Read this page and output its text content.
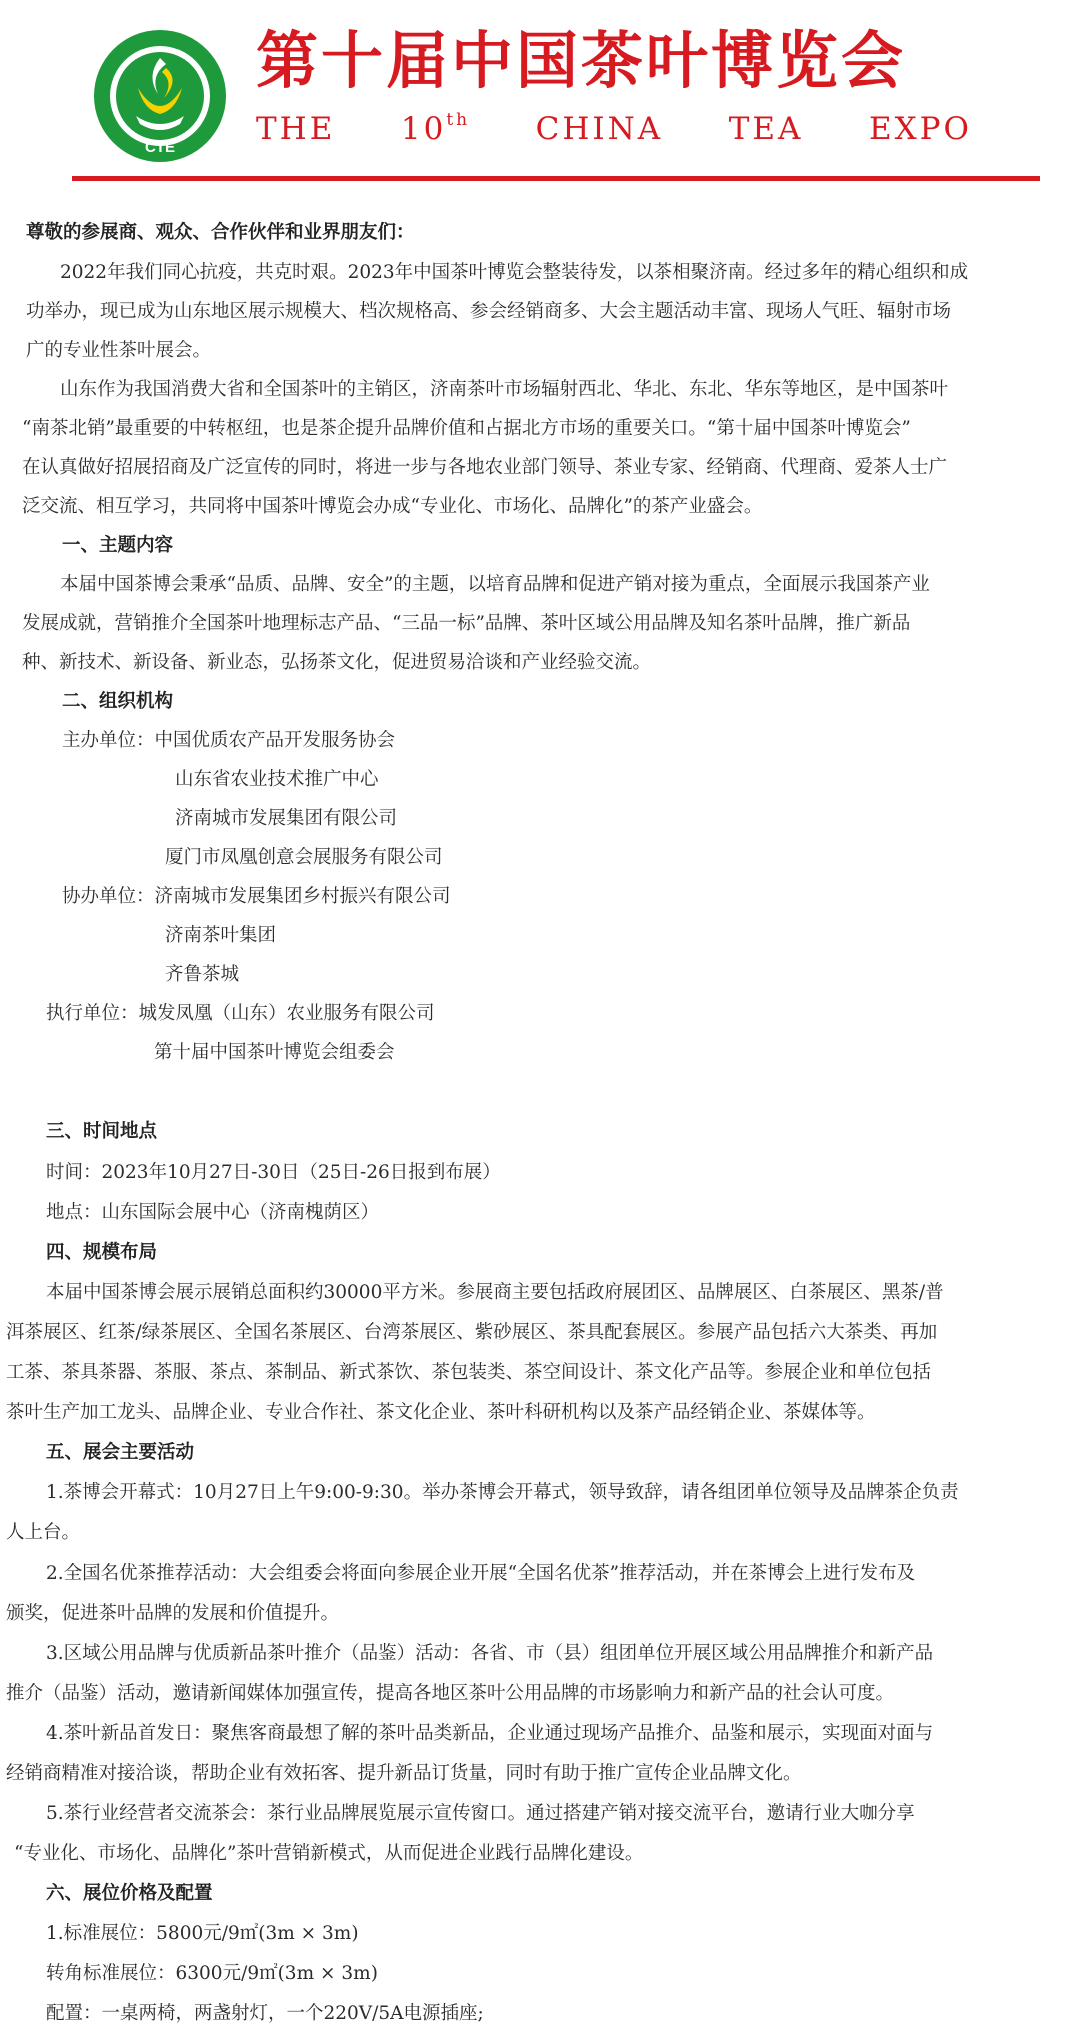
CTE
第十届中国茶叶博览会
THE 10th CHINA TEA EXPO
尊敬的参展商、观众、合作伙伴和业界朋友们：
2022年我们同心抗疫，共克时艰。2023年中国茶叶博览会整装待发，以茶相聚济南。经过多年的精心组织和成
功举办，现已成为山东地区展示规模大、档次规格高、参会经销商多、大会主题活动丰富、现场人气旺、辐射市场
广的专业性茶叶展会。
山东作为我国消费大省和全国茶叶的主销区，济南茶叶市场辐射西北、华北、东北、华东等地区，是中国茶叶
“南茶北销”最重要的中转枢纽，也是茶企提升品牌价值和占据北方市场的重要关口。“第十届中国茶叶博览会”
在认真做好招展招商及广泛宣传的同时，将进一步与各地农业部门领导、茶业专家、经销商、代理商、爱茶人士广
泛交流、相互学习，共同将中国茶叶博览会办成“专业化、市场化、品牌化”的茶产业盛会。
一、主题内容
本届中国茶博会秉承“品质、品牌、安全”的主题，以培育品牌和促进产销对接为重点，全面展示我国茶产业
发展成就，营销推介全国茶叶地理标志产品、“三品一标”品牌、茶叶区域公用品牌及知名茶叶品牌，推广新品
种、新技术、新设备、新业态，弘扬茶文化，促进贸易洽谈和产业经验交流。
二、组织机构
主办单位：中国优质农产品开发服务协会
山东省农业技术推广中心
济南城市发展集团有限公司
厦门市凤凰创意会展服务有限公司
协办单位：济南城市发展集团乡村振兴有限公司
济南茶叶集团
齐鲁茶城
执行单位：城发凤凰（山东）农业服务有限公司
第十届中国茶叶博览会组委会
三、时间地点
时间：2023年10月27日-30日（25日-26日报到布展）
地点：山东国际会展中心（济南槐荫区）
四、规模布局
本届中国茶博会展示展销总面积约30000平方米。参展商主要包括政府展团区、品牌展区、白茶展区、黑茶/普
洱茶展区、红茶/绿茶展区、全国名茶展区、台湾茶展区、紫砂展区、茶具配套展区。参展产品包括六大茶类、再加
工茶、茶具茶器、茶服、茶点、茶制品、新式茶饮、茶包装类、茶空间设计、茶文化产品等。参展企业和单位包括
茶叶生产加工龙头、品牌企业、专业合作社、茶文化企业、茶叶科研机构以及茶产品经销企业、茶媒体等。
五、展会主要活动
1.茶博会开幕式：10月27日上午9:00-9:30。举办茶博会开幕式，领导致辞，请各组团单位领导及品牌茶企负责
人上台。
2.全国名优茶推荐活动：大会组委会将面向参展企业开展“全国名优茶”推荐活动，并在茶博会上进行发布及
颁奖，促进茶叶品牌的发展和价值提升。
3.区域公用品牌与优质新品茶叶推介（品鉴）活动：各省、市（县）组团单位开展区域公用品牌推介和新产品
推介（品鉴）活动，邀请新闻媒体加强宣传，提高各地区茶叶公用品牌的市场影响力和新产品的社会认可度。
4.茶叶新品首发日：聚焦客商最想了解的茶叶品类新品，企业通过现场产品推介、品鉴和展示，实现面对面与
经销商精准对接洽谈，帮助企业有效拓客、提升新品订货量，同时有助于推广宣传企业品牌文化。
5.茶行业经营者交流茶会：茶行业品牌展览展示宣传窗口。通过搭建产销对接交流平台，邀请行业大咖分享
“专业化、市场化、品牌化”茶叶营销新模式，从而促进企业践行品牌化建设。
六、展位价格及配置
1.标准展位：5800元/9㎡(3m × 3m)
转角标准展位：6300元/9㎡(3m × 3m)
配置：一桌两椅，两盏射灯，一个220V/5A电源插座;
